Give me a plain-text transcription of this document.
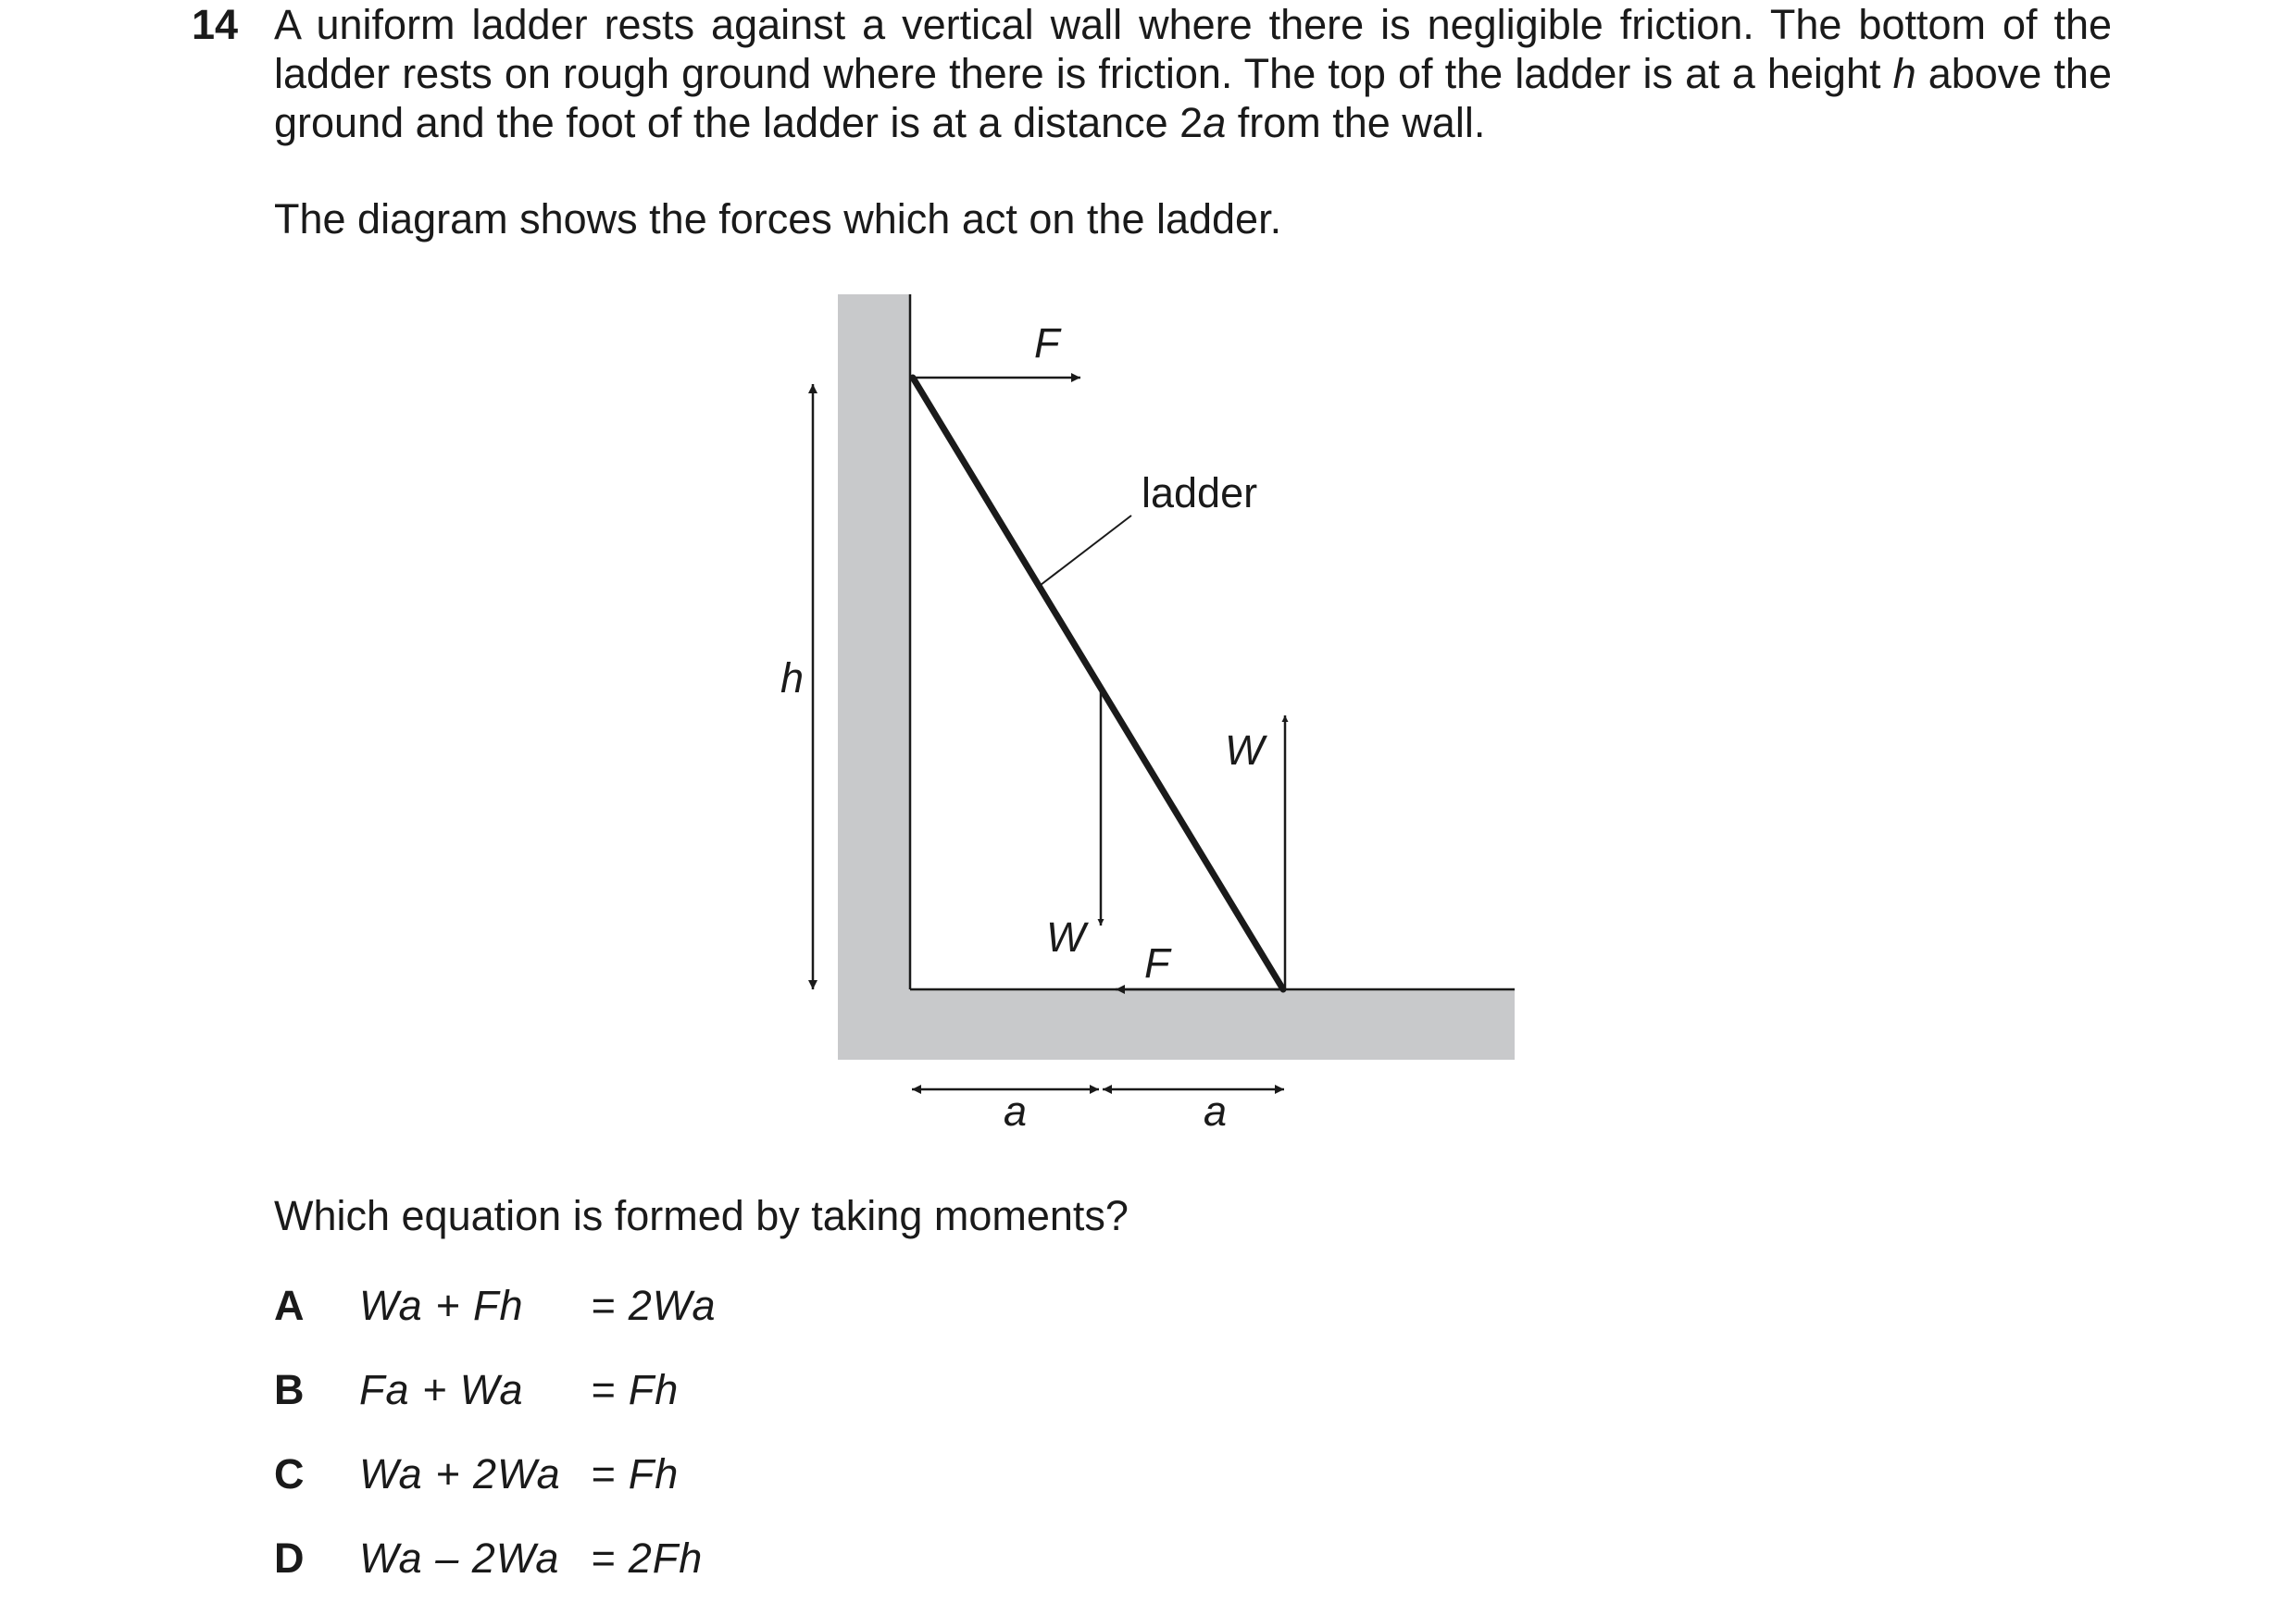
14 A uniform ladder rests against a vertical wall where there is negligible friction. The bottom of the ladder rests on rough ground where there is friction. The top of the ladder is at a height h above the ground and the foot of the ladder is at a distance 2a from the wall.
The diagram shows the forces which act on the ladder.
ladder
F
W
W
F
h
a	a
Which equation is formed by taking moments?
A Wa + Fh = 2Wa
B Fa + Wa = Fh
C Wa + 2Wa = Fh
D Wa – 2Wa = 2Fh
